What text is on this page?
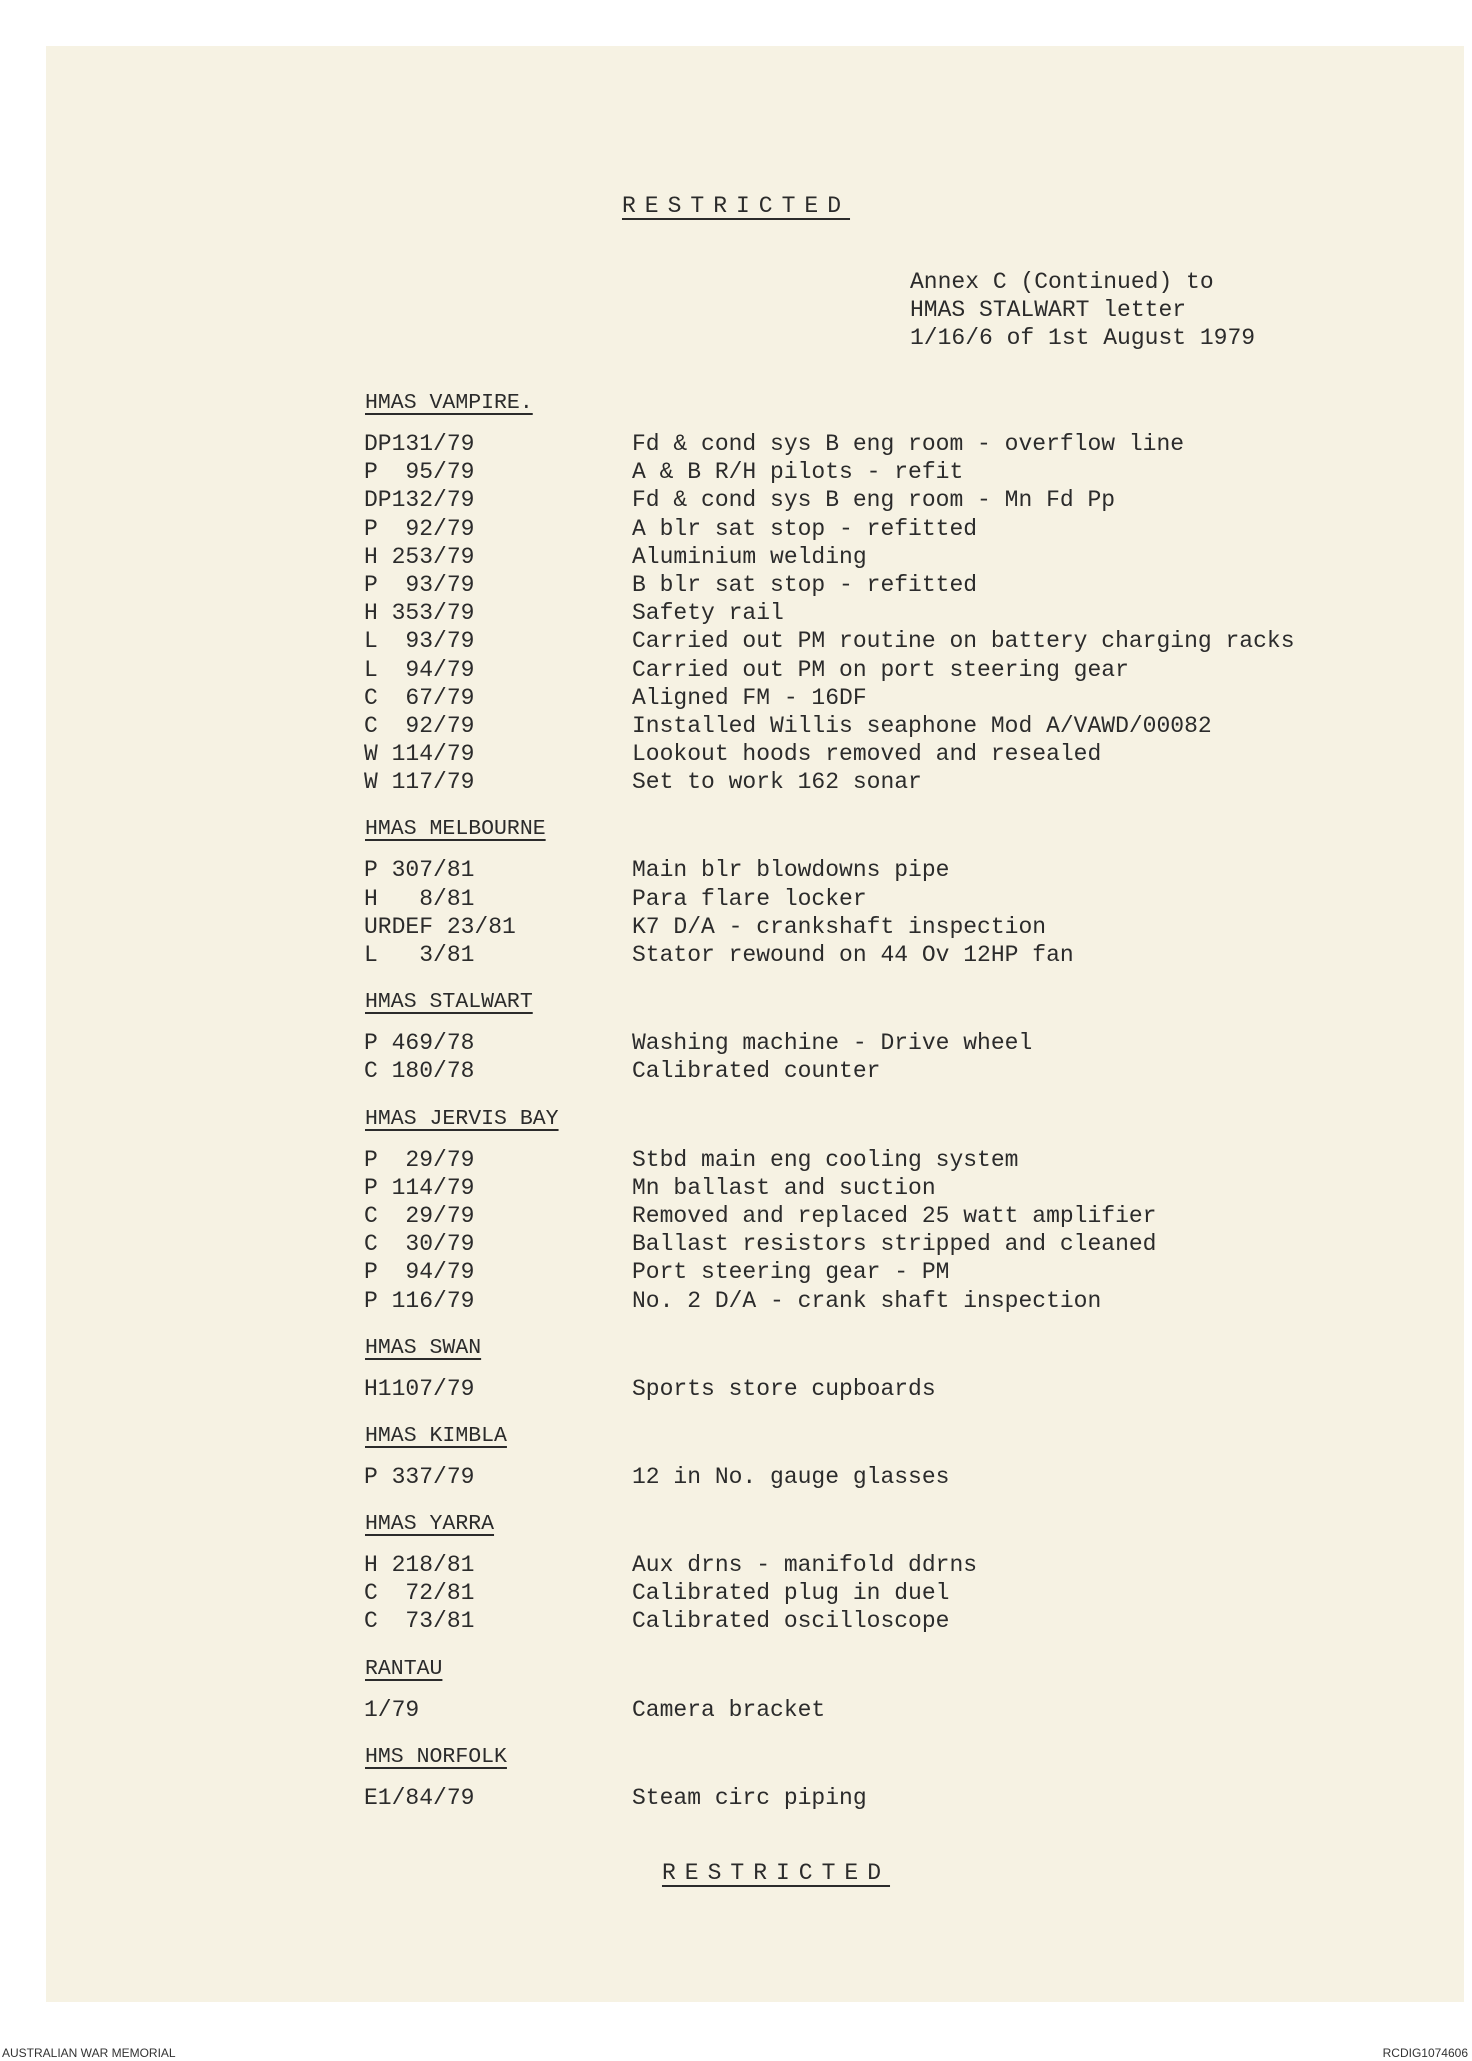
RESTRICTED
Annex C (Continued) to
HMAS STALWART letter
1/16/6 of 1st August 1979
HMAS VAMPIRE.
DP131/79	Fd & cond sys B eng room - overflow line
P  95/79	A & B R/H pilots - refit
DP132/79	Fd & cond sys B eng room - Mn Fd Pp
P  92/79	A blr sat stop - refitted
H 253/79	Aluminium welding
P  93/79	B blr sat stop - refitted
H 353/79	Safety rail
L  93/79	Carried out PM routine on battery charging racks
L  94/79	Carried out PM on port steering gear
C  67/79	Aligned FM - 16DF
C  92/79	Installed Willis seaphone Mod A/VAWD/00082
W 114/79	Lookout hoods removed and resealed
W 117/79	Set to work 162 sonar
HMAS MELBOURNE
P 307/81	Main blr blowdowns pipe
H   8/81	Para flare locker
URDEF 23/81	K7 D/A - crankshaft inspection
L   3/81	Stator rewound on 44 Ov 12HP fan
HMAS STALWART
P 469/78	Washing machine - Drive wheel
C 180/78	Calibrated counter
HMAS JERVIS BAY
P  29/79	Stbd main eng cooling system
P 114/79	Mn ballast and suction
C  29/79	Removed and replaced 25 watt amplifier
C  30/79	Ballast resistors stripped and cleaned
P  94/79	Port steering gear - PM
P 116/79	No. 2 D/A - crank shaft inspection
HMAS SWAN
H1107/79	Sports store cupboards
HMAS KIMBLA
P 337/79	12 in No. gauge glasses
HMAS YARRA
H 218/81	Aux drns - manifold ddrns
C  72/81	Calibrated plug in duel
C  73/81	Calibrated oscilloscope
RANTAU
1/79	Camera bracket
HMS NORFOLK
E1/84/79	Steam circ piping
RESTRICTED
AUSTRALIAN WAR MEMORIAL	RCDIG1074606
